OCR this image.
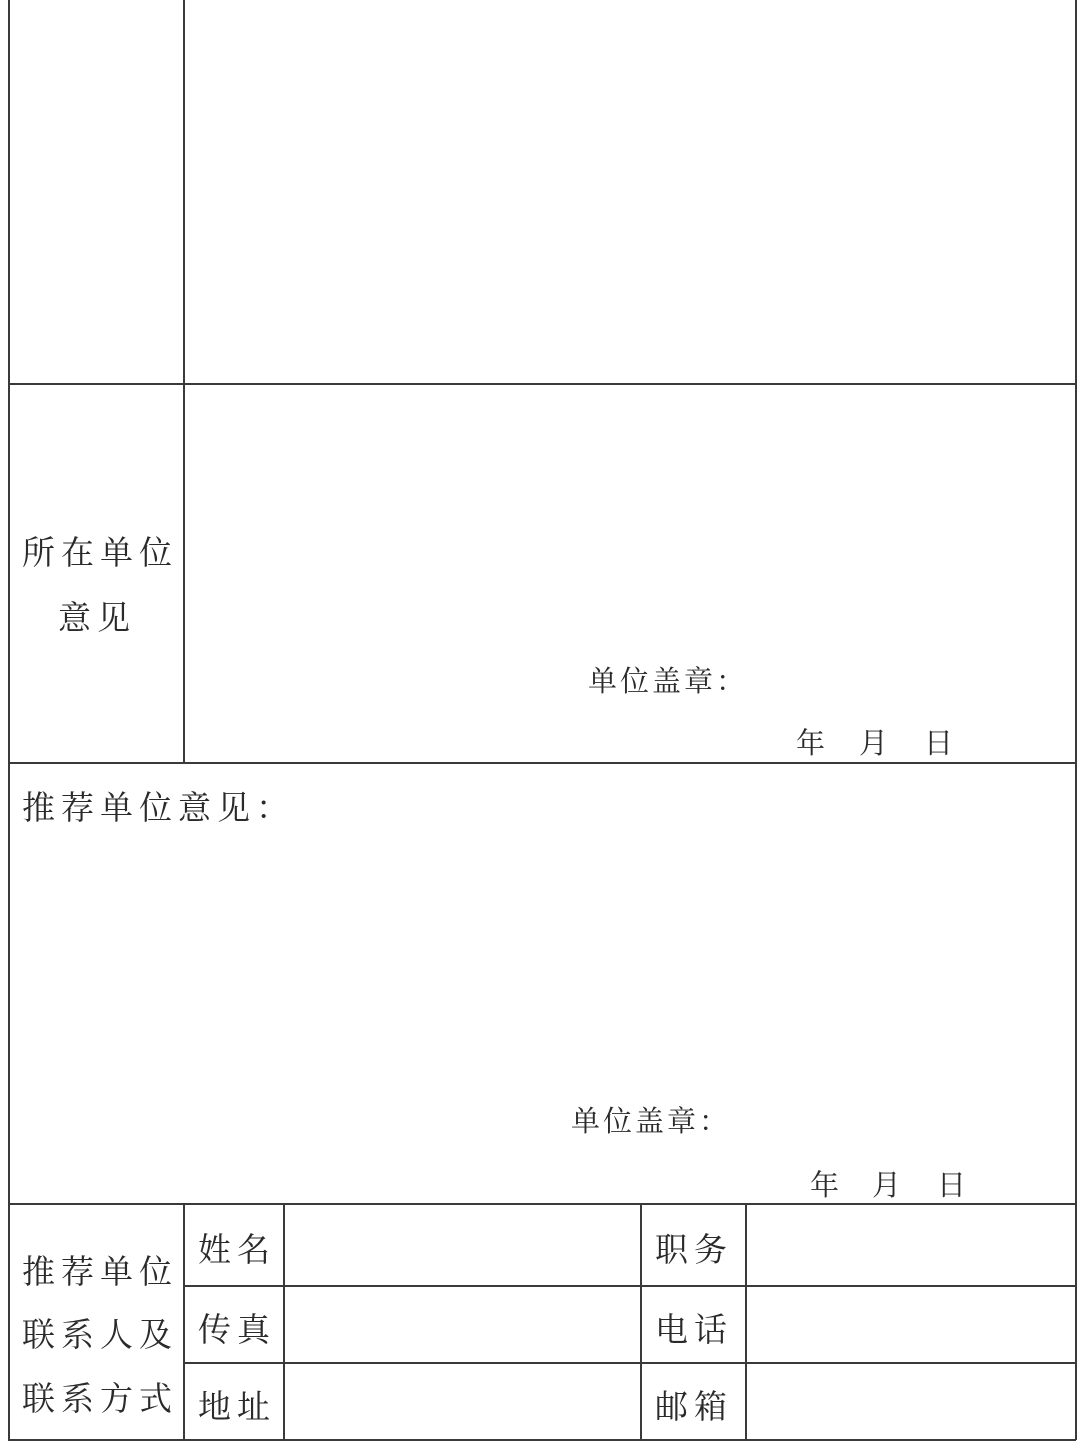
所在单位
意见
单位盖章：
年 月 日
推荐单位意见：
单位盖章：
年 月 日
推荐单位
联系人及
联系方式
姓名
传真
地址
职务
电话
邮箱
